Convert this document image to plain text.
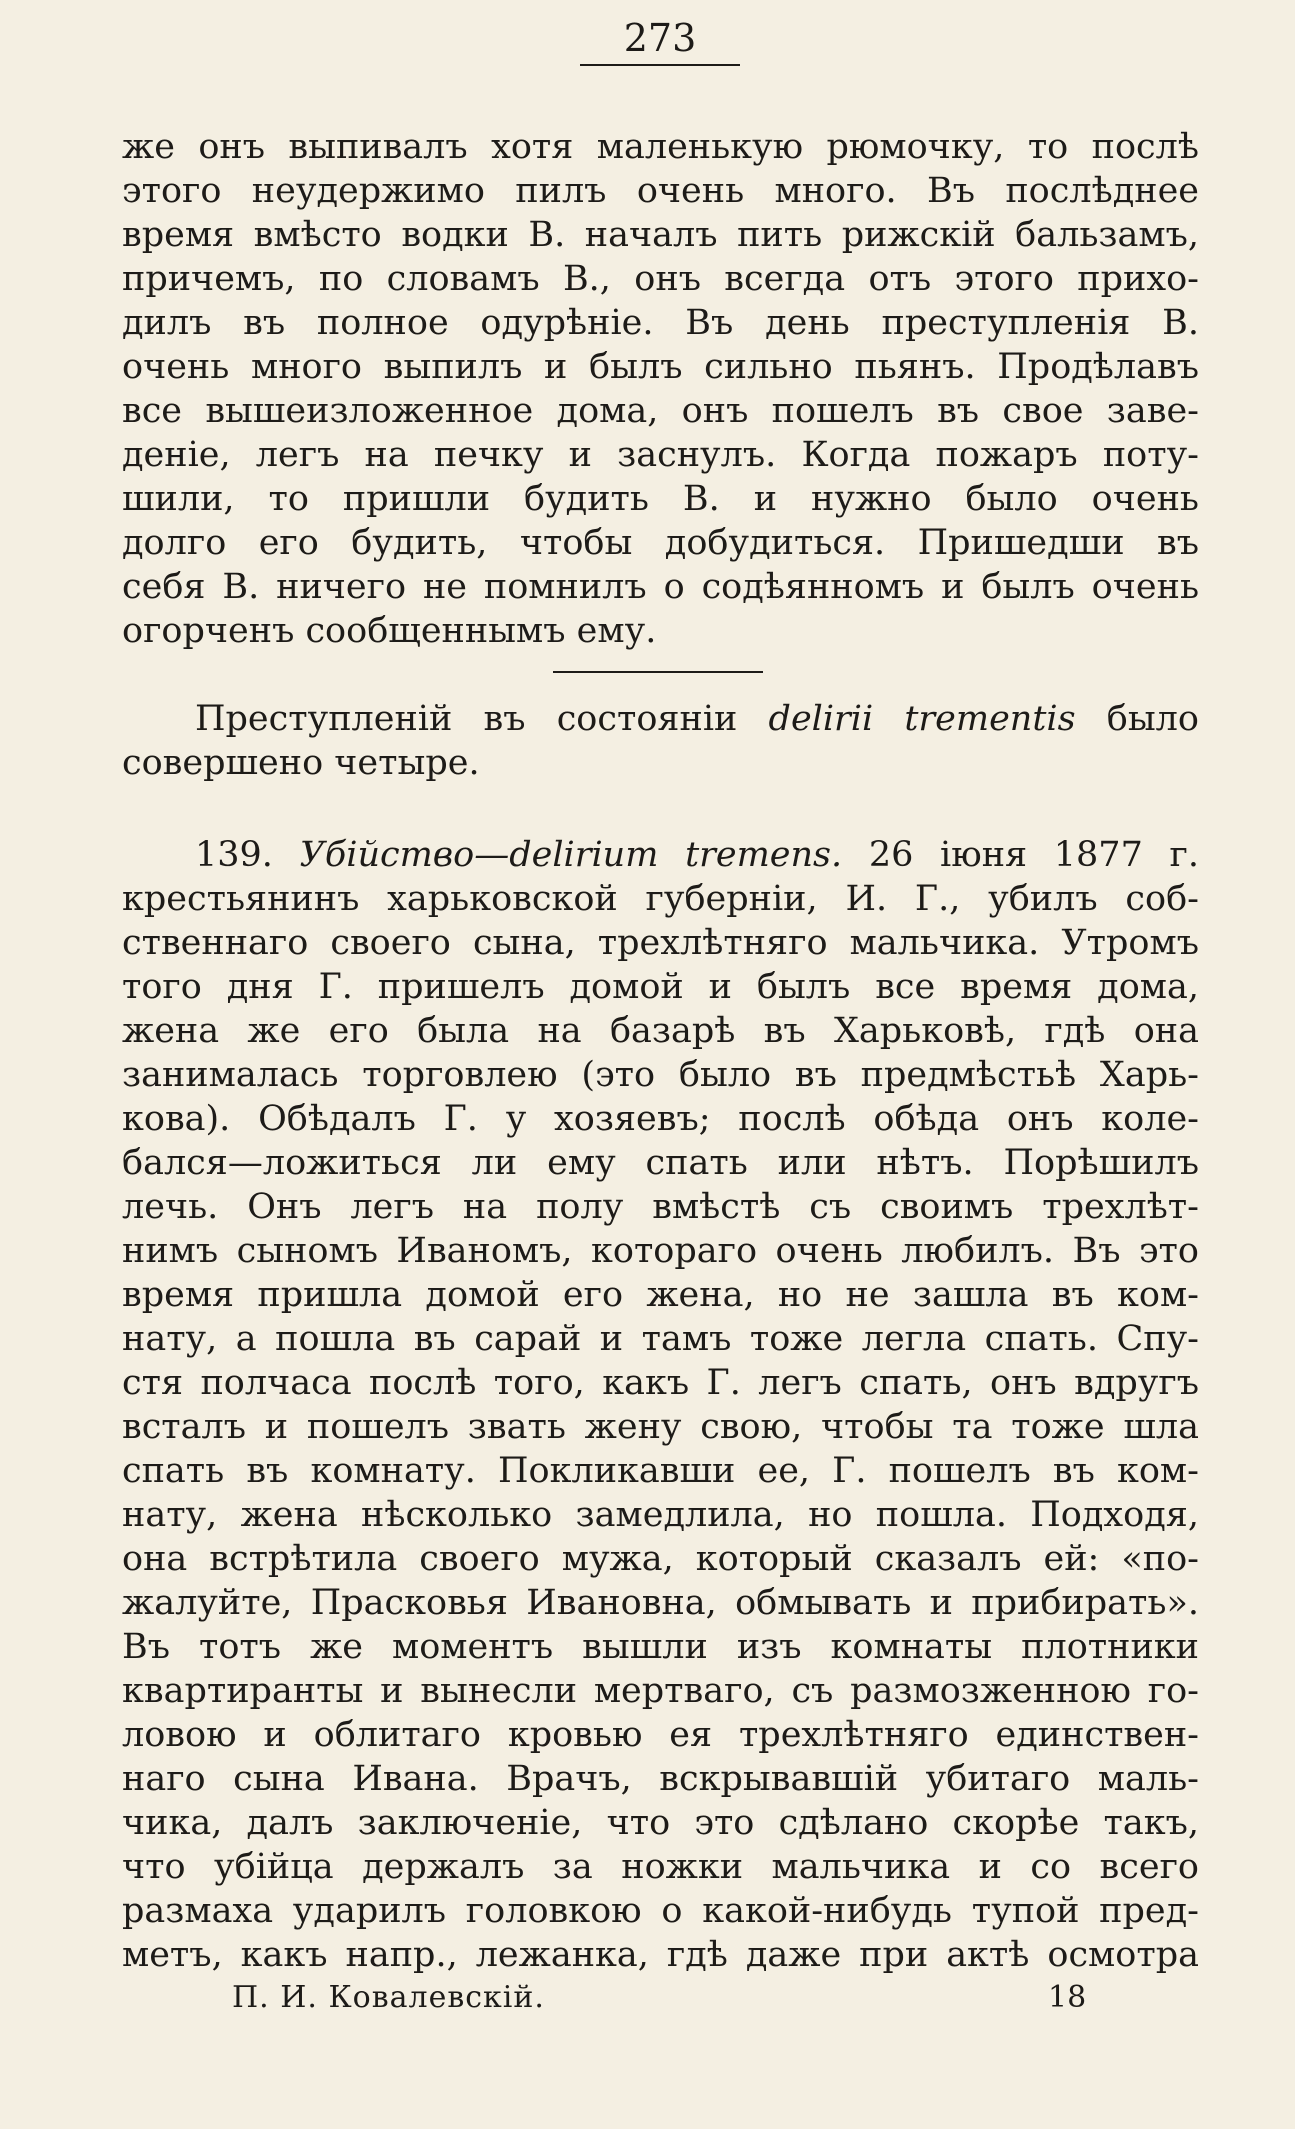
273
же онъ выпивалъ хотя маленькую рюмочку, то послѣ
этого неудержимо пилъ очень много. Въ послѣднее
время вмѣсто водки В. началъ пить рижскій бальзамъ,
причемъ, по словамъ В., онъ всегда отъ этого прихо-
дилъ въ полное одурѣніе. Въ день преступленія В.
очень много выпилъ и былъ сильно пьянъ. Продѣлавъ
все вышеизложенное дома, онъ пошелъ въ свое заве-
деніе, легъ на печку и заснулъ. Когда пожаръ поту-
шили, то пришли будить В. и нужно было очень
долго его будить, чтобы добудиться. Пришедши въ
себя В. ничего не помнилъ о содѣянномъ и былъ очень
огорченъ сообщеннымъ ему.
Преступленій въ состояніи delirii trementis было
совершено четыре.
139. Убійство—delirium tremens. 26 іюня 1877 г.
крестьянинъ харьковской губерніи, И. Г., убилъ соб-
ственнаго своего сына, трехлѣтняго мальчика. Утромъ
того дня Г. пришелъ домой и былъ все время дома,
жена же его была на базарѣ въ Харьковѣ, гдѣ она
занималась торговлею (это было въ предмѣстьѣ Харь-
кова). Обѣдалъ Г. у хозяевъ; послѣ обѣда онъ коле-
бался—ложиться ли ему спать или нѣтъ. Порѣшилъ
лечь. Онъ легъ на полу вмѣстѣ съ своимъ трехлѣт-
нимъ сыномъ Иваномъ, котораго очень любилъ. Въ это
время пришла домой его жена, но не зашла въ ком-
нату, а пошла въ сарай и тамъ тоже легла спать. Спу-
стя полчаса послѣ того, какъ Г. легъ спать, онъ вдругъ
всталъ и пошелъ звать жену свою, чтобы та тоже шла
спать въ комнату. Покликавши ее, Г. пошелъ въ ком-
нату, жена нѣсколько замедлила, но пошла. Подходя,
она встрѣтила своего мужа, который сказалъ ей: «по-
жалуйте, Прасковья Ивановна, обмывать и прибирать».
Въ тотъ же моментъ вышли изъ комнаты плотники
квартиранты и вынесли мертваго, съ размозженною го-
ловою и облитаго кровью ея трехлѣтняго единствен-
наго сына Ивана. Врачъ, вскрывавшій убитаго маль-
чика, далъ заключеніе, что это сдѣлано скорѣе такъ,
что убійца держалъ за ножки мальчика и со всего
размаха ударилъ головкою о какой-нибудь тупой пред-
метъ, какъ напр., лежанка, гдѣ даже при актѣ осмотра
П. И. Ковалевскій.	18
